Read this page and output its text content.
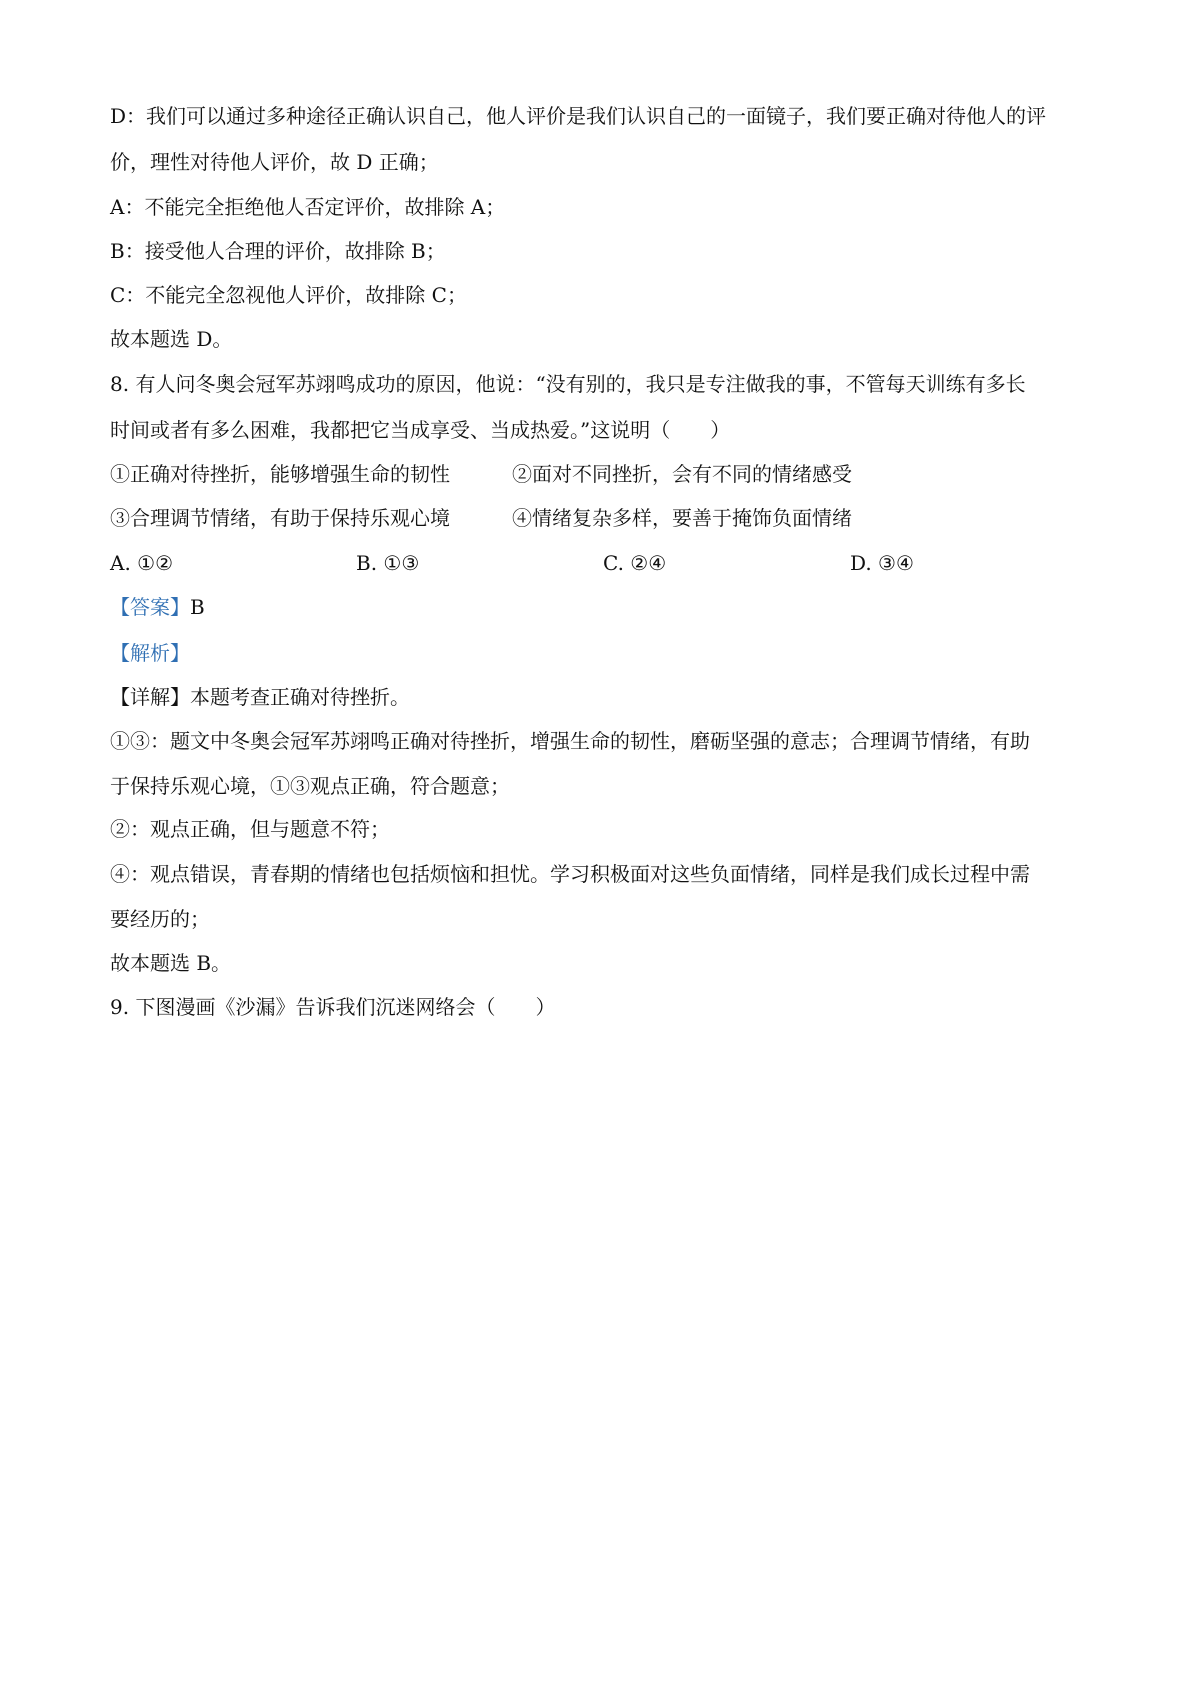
D：我们可以通过多种途径正确认识自己，他人评价是我们认识自己的一面镜子，我们要正确对待他人的评
价，理性对待他人评价，故 D 正确；
A：不能完全拒绝他人否定评价，故排除 A；
B：接受他人合理的评价，故排除 B；
C：不能完全忽视他人评价，故排除 C；
故本题选 D。
8. 有人问冬奥会冠军苏翊鸣成功的原因，他说：“没有别的，我只是专注做我的事，不管每天训练有多长
时间或者有多么困难，我都把它当成享受、当成热爱。”这说明（　　）
①正确对待挫折，能够增强生命的韧性	②面对不同挫折，会有不同的情绪感受
③合理调节情绪，有助于保持乐观心境	④情绪复杂多样，要善于掩饰负面情绪
A. ①②	B. ①③	C. ②④	D. ③④
【答案】B
【解析】
【详解】本题考查正确对待挫折。
①③：题文中冬奥会冠军苏翊鸣正确对待挫折，增强生命的韧性，磨砺坚强的意志；合理调节情绪，有助
于保持乐观心境，①③观点正确，符合题意；
②：观点正确，但与题意不符；
④：观点错误，青春期的情绪也包括烦恼和担忧。学习积极面对这些负面情绪，同样是我们成长过程中需
要经历的；
故本题选 B。
9. 下图漫画《沙漏》告诉我们沉迷网络会（　　）
